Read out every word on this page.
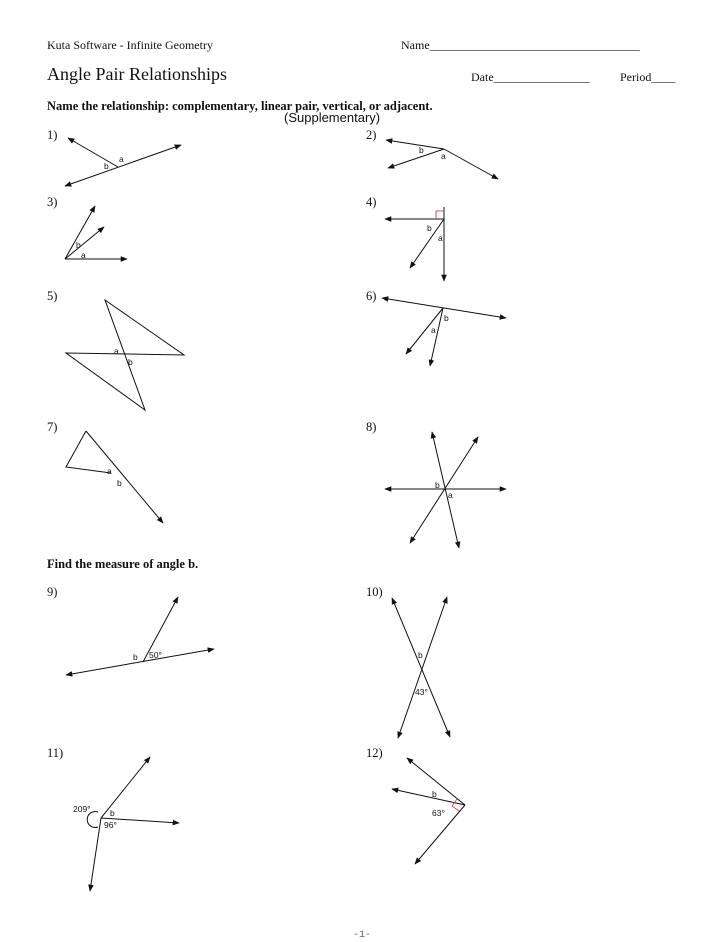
Kuta Software - Infinite Geometry	Name___________________________________
Angle Pair Relationships	Date________________	Period____
Name the relationship: complementary, linear pair, vertical, or adjacent.
(Supplementary)
Find the measure of angle b.
1)	2)
3)	4)
5)	6)
7)	8)
9)	10)
11)	12)
a
b
b
a
b
a
b
a
a
b
b
a
a
b	b
a
b 50°	b
43°
209° b
96°
b
63°
-1-
